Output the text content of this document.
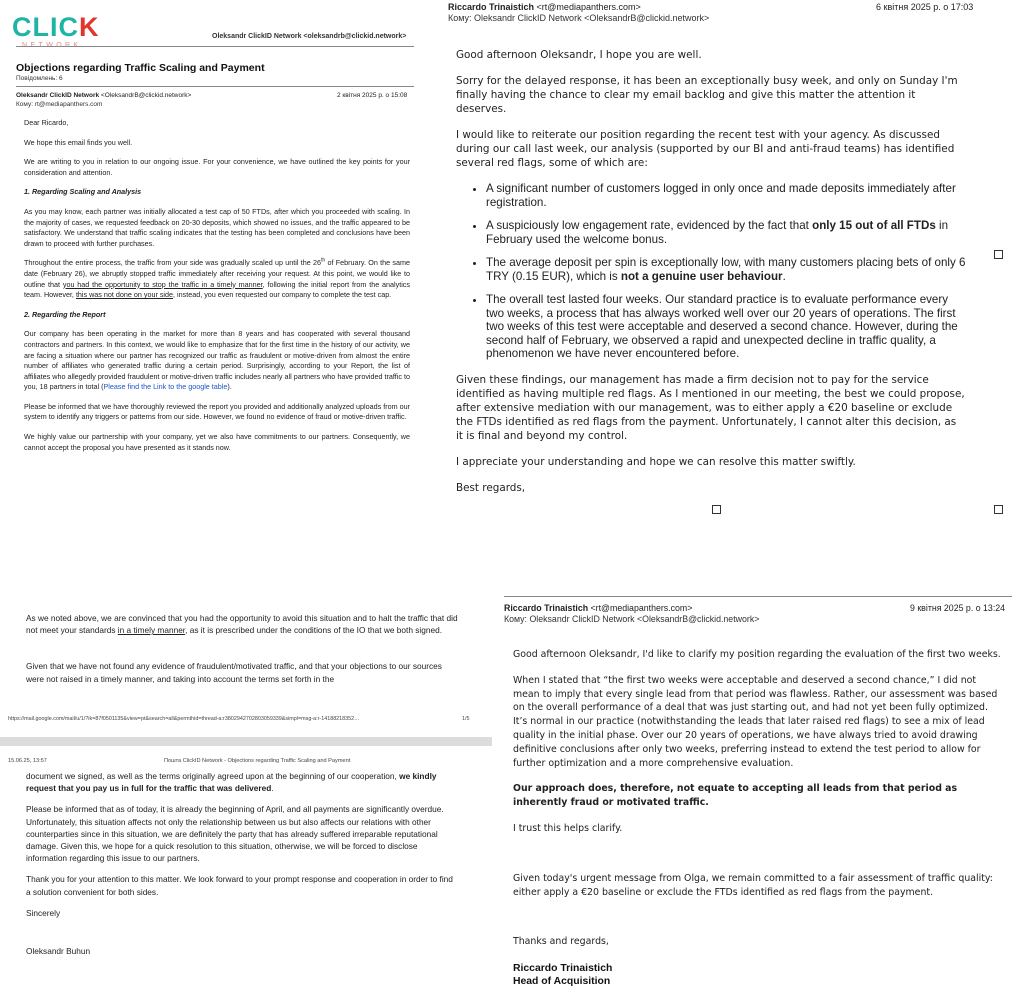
CLICK	Oleksandr ClickID Network <oleksandrb@clickid.network>
Objections regarding Traffic Scaling and Payment
Повідомлень: 6
Oleksandr ClickID Network <OleksandrB@clickid.network>
Кому: rt@mediapanthers.com
2 квітня 2025 р. о 15:08

Dear Ricardo,

We hope this email finds you well.

We are writing to you in relation to our ongoing issue. For your convenience, we have outlined the key points for your consideration and attention.

1. Regarding Scaling and Analysis

As you may know, each partner was initially allocated a test cap of 50 FTDs, after which you proceeded with scaling. In the majority of cases, we requested feedback on 20-30 deposits, which showed no issues, and the traffic appeared to be satisfactory. We understand that traffic scaling indicates that the testing has been completed and conclusions have been drawn to proceed with further purchases.

Throughout the entire process, the traffic from your side was gradually scaled up until the 26th of February. On the same date (February 26), we abruptly stopped traffic immediately after receiving your request. At this point, we would like to outline that you had the opportunity to stop the traffic in a timely manner, following the initial report from the analytics team. However, this was not done on your side, instead, you even requested our company to complete the test cap.

2. Regarding the Report

Our company has been operating in the market for more than 8 years and has cooperated with several thousand contractors and partners. In this context, we would like to emphasize that for the first time in the history of our activity, we are facing a situation where our partner has recognized our traffic as fraudulent or motive-driven from almost the entire number of affiliates who generated traffic during a certain period. Surprisingly, according to your Report, the list of affiliates who allegedly provided fraudulent or motive-driven traffic includes nearly all partners who have provided traffic to you, 18 partners in total (Please find the Link to the google table).

Please be informed that we have thoroughly reviewed the report you provided and additionally analyzed uploads from our system to identify any triggers or patterns from our side. However, we found no evidence of fraud or motive-driven traffic.

We highly value our partnership with your company, yet we also have commitments to our partners. Consequently, we cannot accept the proposal you have presented as it stands now.

Riccardo Trinaistich <rt@mediapanthers.com>
Кому: Oleksandr ClickID Network <OleksandrB@clickid.network>
6 квітня 2025 р. о 17:03

Good afternoon Oleksandr, I hope you are well.

Sorry for the delayed response, it has been an exceptionally busy week, and only on Sunday I'm finally having the chance to clear my email backlog and give this matter the attention it deserves.

I would like to reiterate our position regarding the recent test with your agency. As discussed during our call last week, our analysis (supported by our BI and anti-fraud teams) has identified several red flags, some of which are:

• A significant number of customers logged in only once and made deposits immediately after registration.
• A suspiciously low engagement rate, evidenced by the fact that only 15 out of all FTDs in February used the welcome bonus.
• The average deposit per spin is exceptionally low, with many customers placing bets of only 6 TRY (0.15 EUR), which is not a genuine user behaviour.
• The overall test lasted four weeks. Our standard practice is to evaluate performance every two weeks, a process that has always worked well over our 20 years of operations. The first two weeks of this test were acceptable and deserved a second chance. However, during the second half of February, we observed a rapid and unexpected decline in traffic quality, a phenomenon we have never encountered before.

Given these findings, our management has made a firm decision not to pay for the service identified as having multiple red flags. As I mentioned in our meeting, the best we could propose, after extensive mediation with our management, was to either apply a €20 baseline or exclude the FTDs identified as red flags from the payment. Unfortunately, I cannot alter this decision, as it is final and beyond my control.

I appreciate your understanding and hope we can resolve this matter swiftly.

Best regards,

As we noted above, we are convinced that you had the opportunity to avoid this situation and to halt the traffic that did not meet your standards in a timely manner, as it is prescribed under the conditions of the IO that we both signed.

Given that we have not found any evidence of fraudulent/motivated traffic, and that your objections to our sources were not raised in a timely manner, and taking into account the terms set forth in the

https://mail.google.com/mail/u/1/?ik=87f0501135&view=pt&search=all&permthid=thread-a:r3802942702803059339&simpl=msg-a:r-14188218352…	1/5
15.06.25, 13:57	Пошта ClickID Network - Objections regarding Traffic Scaling and Payment

document we signed, as well as the terms originally agreed upon at the beginning of our cooperation, we kindly request that you pay us in full for the traffic that was delivered.

Please be informed that as of today, it is already the beginning of April, and all payments are significantly overdue. Unfortunately, this situation affects not only the relationship between us but also affects our relations with other counterparties since in this situation, we are definitely the party that has already suffered irreparable reputational damage. Given this, we hope for a quick resolution to this situation, otherwise, we will be forced to disclose information regarding this issue to our partners.

Thank you for your attention to this matter. We look forward to your prompt response and cooperation in order to find a solution convenient for both sides.

Sincerely

Oleksandr Buhun

Riccardo Trinaistich <rt@mediapanthers.com>
Кому: Oleksandr ClickID Network <OleksandrB@clickid.network>
9 квітня 2025 р. о 13:24

Good afternoon Oleksandr, I'd like to clarify my position regarding the evaluation of the first two weeks.

When I stated that “the first two weeks were acceptable and deserved a second chance,” I did not mean to imply that every single lead from that period was flawless. Rather, our assessment was based on the overall performance of a deal that was just starting out, and had not yet been fully optimized. It’s normal in our practice (notwithstanding the leads that later raised red flags) to see a mix of lead quality in the initial phase. Over our 20 years of operations, we have always tried to avoid drawing definitive conclusions after only two weeks, preferring instead to extend the test period to allow for further optimization and a more comprehensive evaluation.

Our approach does, therefore, not equate to accepting all leads from that period as inherently fraud or motivated traffic.

I trust this helps clarify.

Given today's urgent message from Olga, we remain committed to a fair assessment of traffic quality: either apply a €20 baseline or exclude the FTDs identified as red flags from the payment.

Thanks and regards,

Riccardo Trinaistich
Head of Acquisition
